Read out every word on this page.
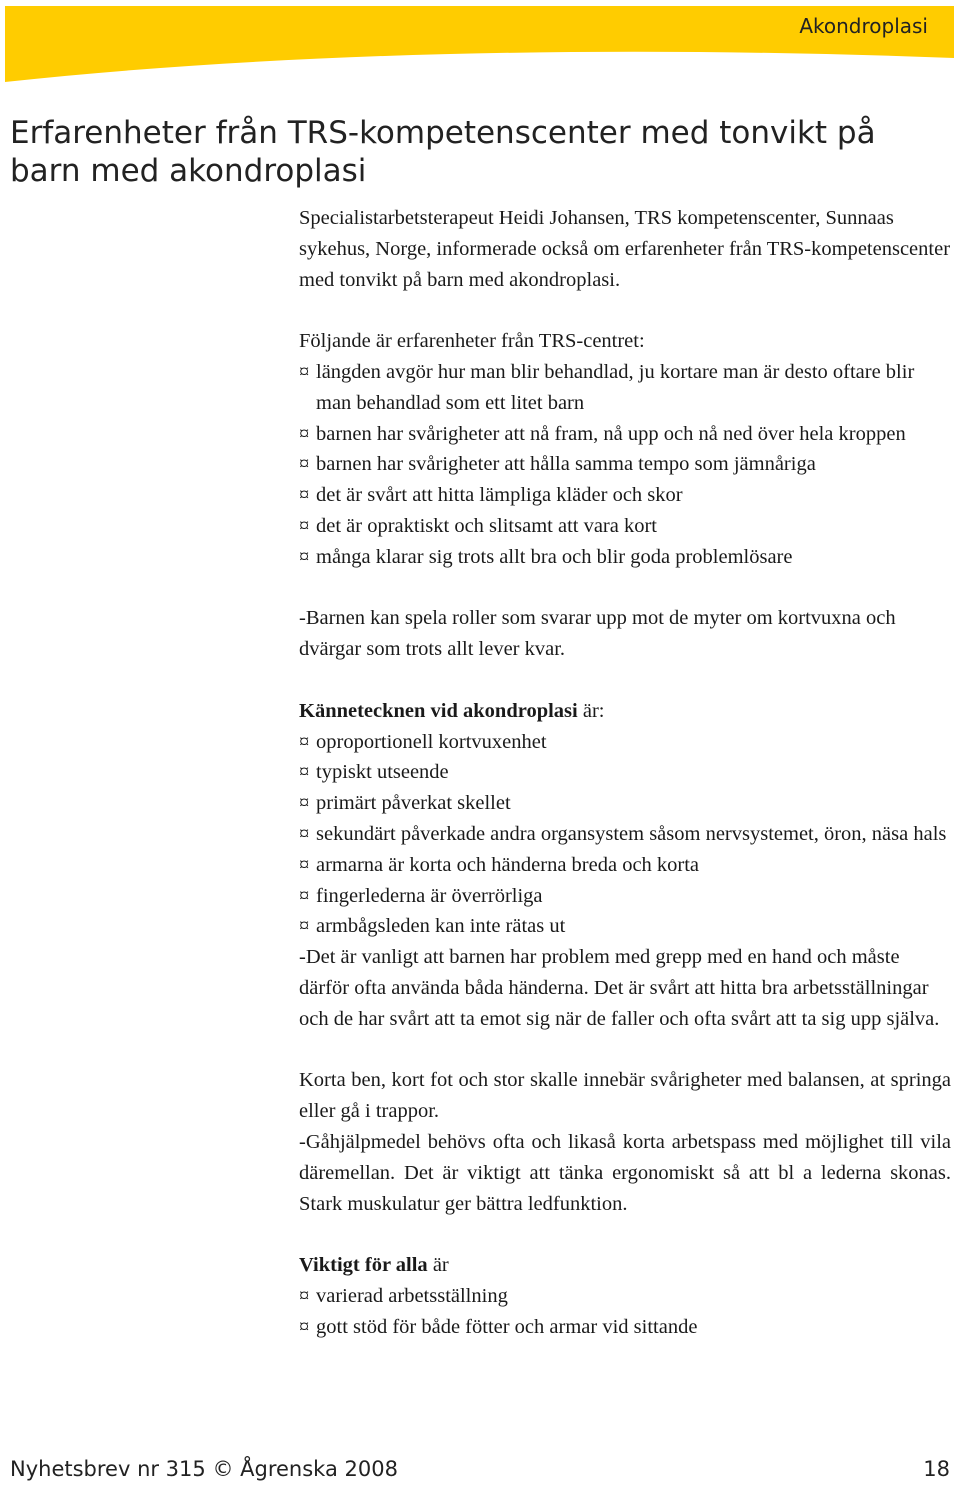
Akondroplasi
Erfarenheter från TRS-kompetenscenter med tonvikt på barn med akondroplasi

Specialistarbetsterapeut Heidi Johansen, TRS kompetenscenter, Sunnaas sykehus, Norge, informerade också om erfarenheter från TRS-kompetenscenter med tonvikt på barn med akondroplasi.

Följande är erfarenheter från TRS-centret:

¤ längden avgör hur man blir behandlad, ju kortare man är desto oftare blir man behandlad som ett litet barn
¤ barnen har svårigheter att nå fram, nå upp och nå ned över hela kroppen
¤ barnen har svårigheter att hålla samma tempo som jämnåriga
¤ det är svårt att hitta lämpliga kläder och skor
¤ det är opraktiskt och slitsamt att vara kort
¤ många klarar sig trots allt bra och blir goda problemlösare

-Barnen kan spela roller som svarar upp mot de myter om kortvuxna och dvärgar som trots allt lever kvar.

Kännetecknen vid akondroplasi är:

¤ oproportionell kortvuxenhet
¤ typiskt utseende
¤ primärt påverkat skellet
¤ sekundärt påverkade andra organsystem såsom nervsystemet, öron, näsa hals
¤ armarna är korta och händerna breda och korta
¤ fingerlederna är överrörliga
¤ armbågsleden kan inte rätas ut

-Det är vanligt att barnen har problem med grepp med en hand och måste därför ofta använda båda händerna. Det är svårt att hitta bra arbetsställningar och de har svårt att ta emot sig när de faller och ofta svårt att ta sig upp själva.

Korta ben, kort fot och stor skalle innebär svårigheter med balansen, at springa eller gå i trappor.

-Gåhjälpmedel behövs ofta och likaså korta arbetspass med möjlighet till vila däremellan. Det är viktigt att tänka ergonomiskt så att bl a lederna skonas. Stark muskulatur ger bättra ledfunktion.

Viktigt för alla är

¤ varierad arbetsställning
¤ gott stöd för både fötter och armar vid sittande
Nyhetsbrev nr 315 © Ågrenska 2008	18
